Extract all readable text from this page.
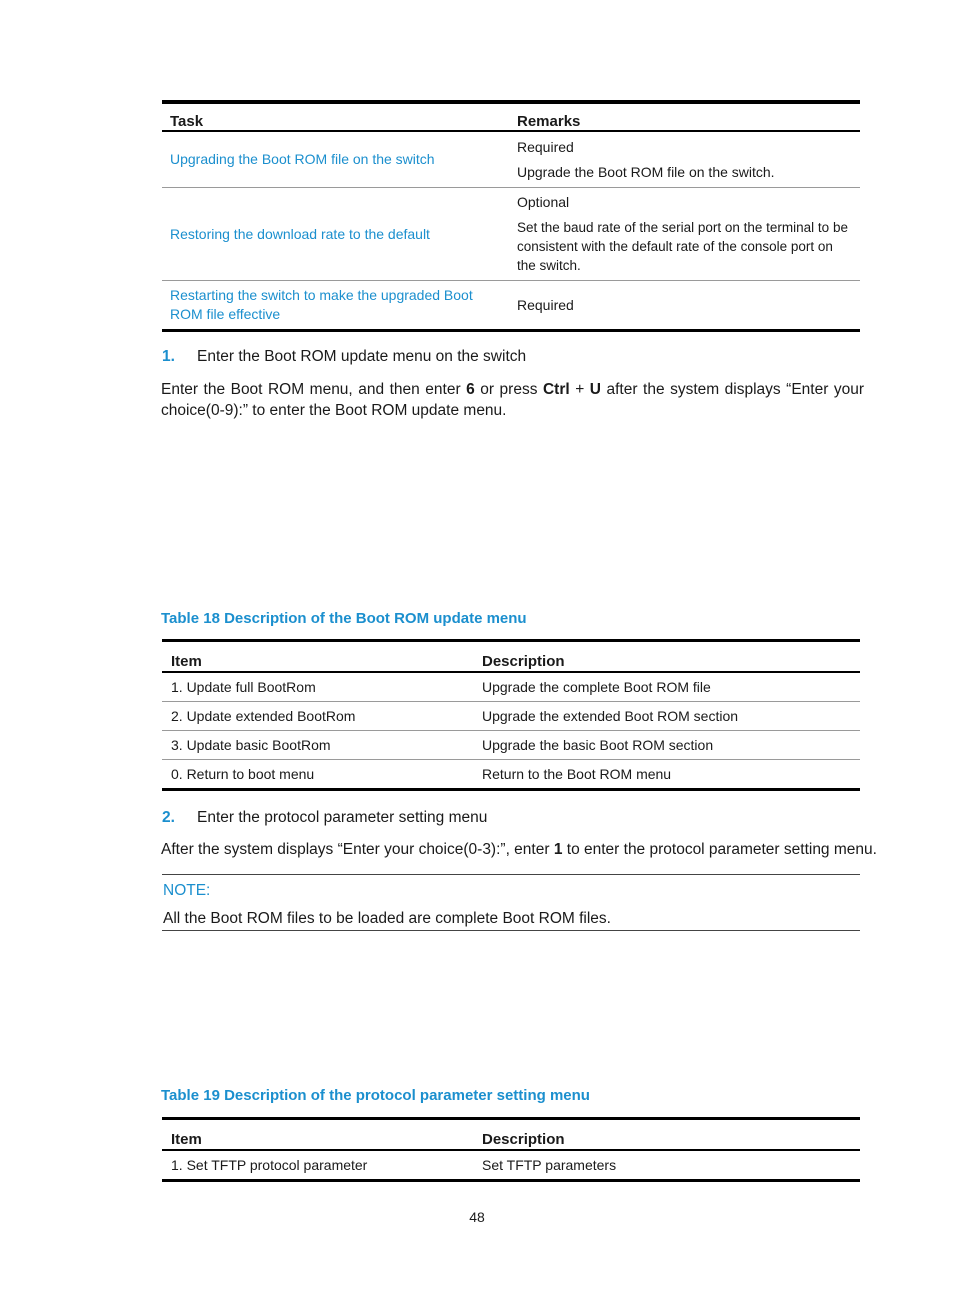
Task	Remarks
Upgrading the Boot ROM file on the switch	Required
Upgrade the Boot ROM file on the switch.

Restoring the download rate to the default	Optional
Set the baud rate of the serial port on the terminal to be consistent with the default rate of the console port on the switch.

Restarting the switch to make the upgraded Boot ROM file effective	Required
1. Enter the Boot ROM update menu on the switch
Enter the Boot ROM menu, and then enter 6 or press Ctrl + U after the system displays “Enter your
choice(0-9):” to enter the Boot ROM update menu.
Table 18 Description of the Boot ROM update menu
Item	Description
1. Update full BootRom	Upgrade the complete Boot ROM file
2. Update extended BootRom	Upgrade the extended Boot ROM section
3. Update basic BootRom	Upgrade the basic Boot ROM section
0. Return to boot menu	Return to the Boot ROM menu
2. Enter the protocol parameter setting menu
After the system displays “Enter your choice(0-3):”, enter 1 to enter the protocol parameter setting menu.
NOTE:
All the Boot ROM files to be loaded are complete Boot ROM files.
Table 19 Description of the protocol parameter setting menu
Item	Description
1. Set TFTP protocol parameter	Set TFTP parameters
48
